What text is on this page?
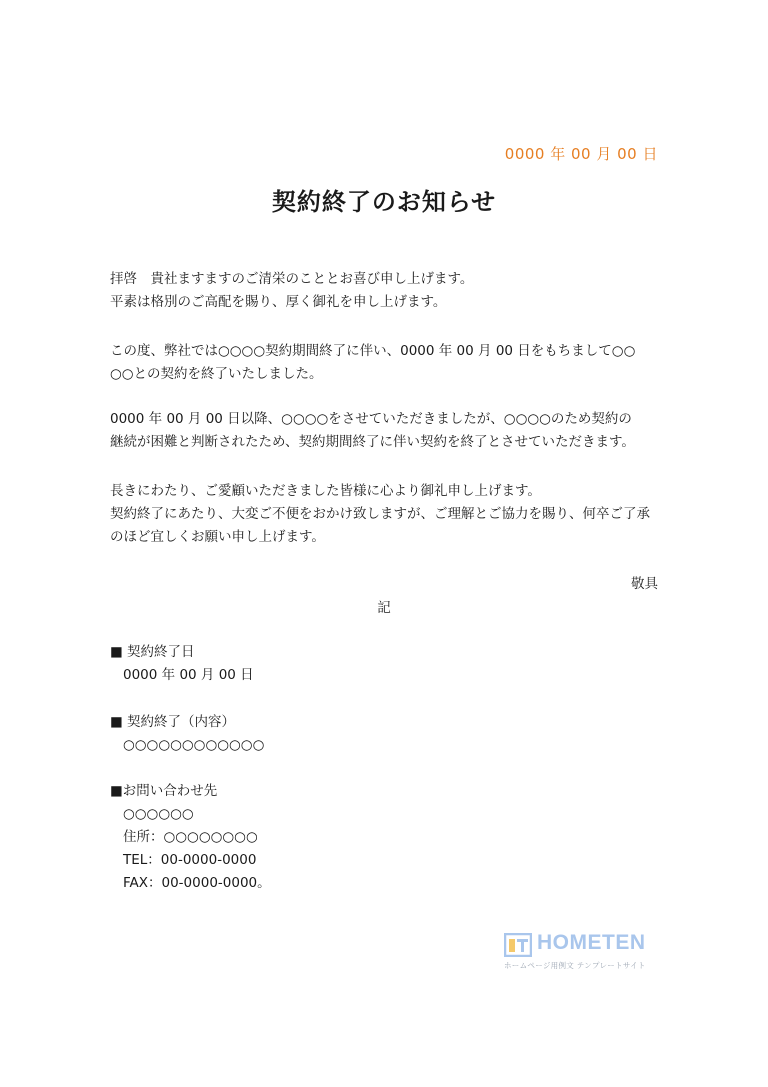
0000 年 00 月 00 日
契約終了のお知らせ

拝啓　貴社ますますのご清栄のこととお喜び申し上げます。

平素は格別のご高配を賜り、厚く御礼を申し上げます。

この度、弊社では○○○○契約期間終了に伴い、0000 年 00 月 00 日をもちまして○○

○○との契約を終了いたしました。

0000 年 00 月 00 日以降、○○○○をさせていただきましたが、○○○○のため契約の

継続が困難と判断されたため、契約期間終了に伴い契約を終了とさせていただきます。

長きにわたり、ご愛顧いただきました皆様に心より御礼申し上げます。

契約終了にあたり、大変ご不便をおかけ致しますが、ご理解とご協力を賜り、何卒ご了承

のほど宜しくお願い申し上げます。

敬具
記
■ 契約終了日
0000 年 00 月 00 日
■ 契約終了（内容）
○○○○○○○○○○○○
■お問い合わせ先
○○○○○○
住所：○○○○○○○○
TEL：00-0000-0000
FAX：00-0000-0000。
HOMETEN
ホームページ用例文 テンプレートサイト
